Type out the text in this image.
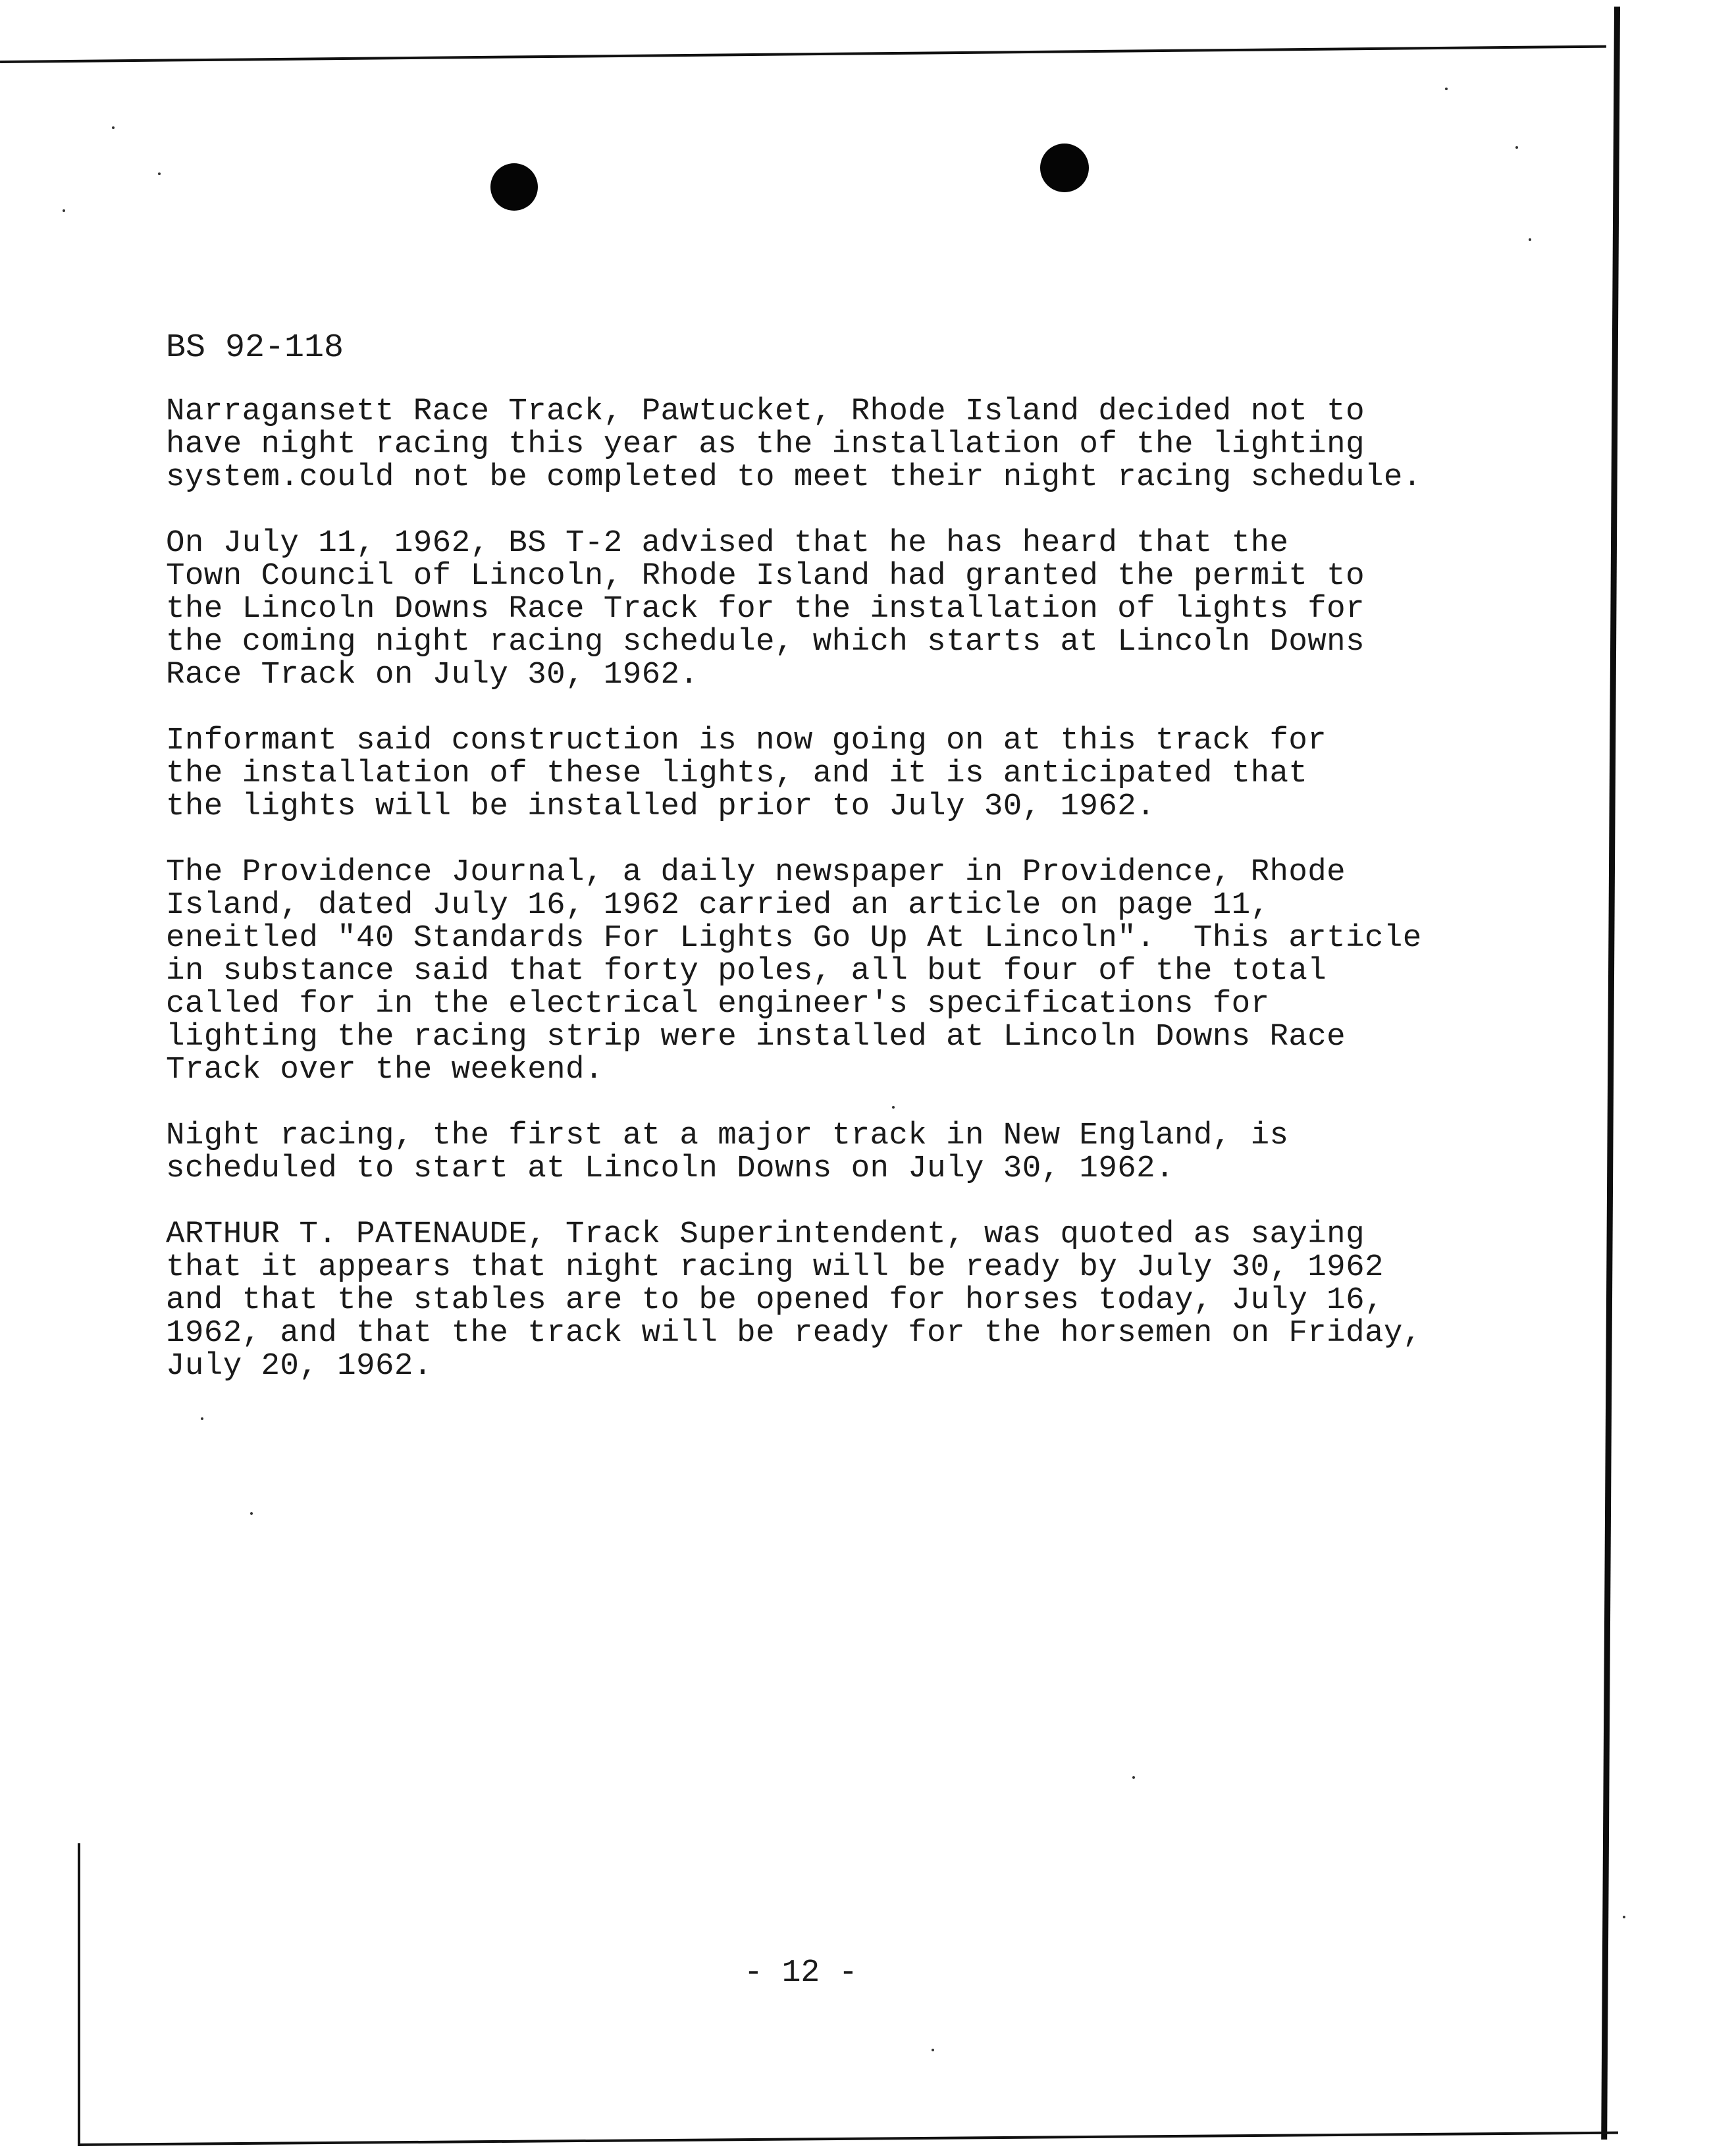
BS 92-118

Narragansett Race Track, Pawtucket, Rhode Island decided not to
have night racing this year as the installation of the lighting
system.could not be completed to meet their night racing schedule.

On July 11, 1962, BS T-2 advised that he has heard that the
Town Council of Lincoln, Rhode Island had granted the permit to
the Lincoln Downs Race Track for the installation of lights for
the coming night racing schedule, which starts at Lincoln Downs
Race Track on July 30, 1962.

Informant said construction is now going on at this track for
the installation of these lights, and it is anticipated that
the lights will be installed prior to July 30, 1962.

The Providence Journal, a daily newspaper in Providence, Rhode
Island, dated July 16, 1962 carried an article on page 11,
eneitled "40 Standards For Lights Go Up At Lincoln".  This article
in substance said that forty poles, all but four of the total
called for in the electrical engineer's specifications for
lighting the racing strip were installed at Lincoln Downs Race
Track over the weekend.

Night racing, the first at a major track in New England, is
scheduled to start at Lincoln Downs on July 30, 1962.

ARTHUR T. PATENAUDE, Track Superintendent, was quoted as saying
that it appears that night racing will be ready by July 30, 1962
and that the stables are to be opened for horses today, July 16,
1962, and that the track will be ready for the horsemen on Friday,
July 20, 1962.

- 12 -
